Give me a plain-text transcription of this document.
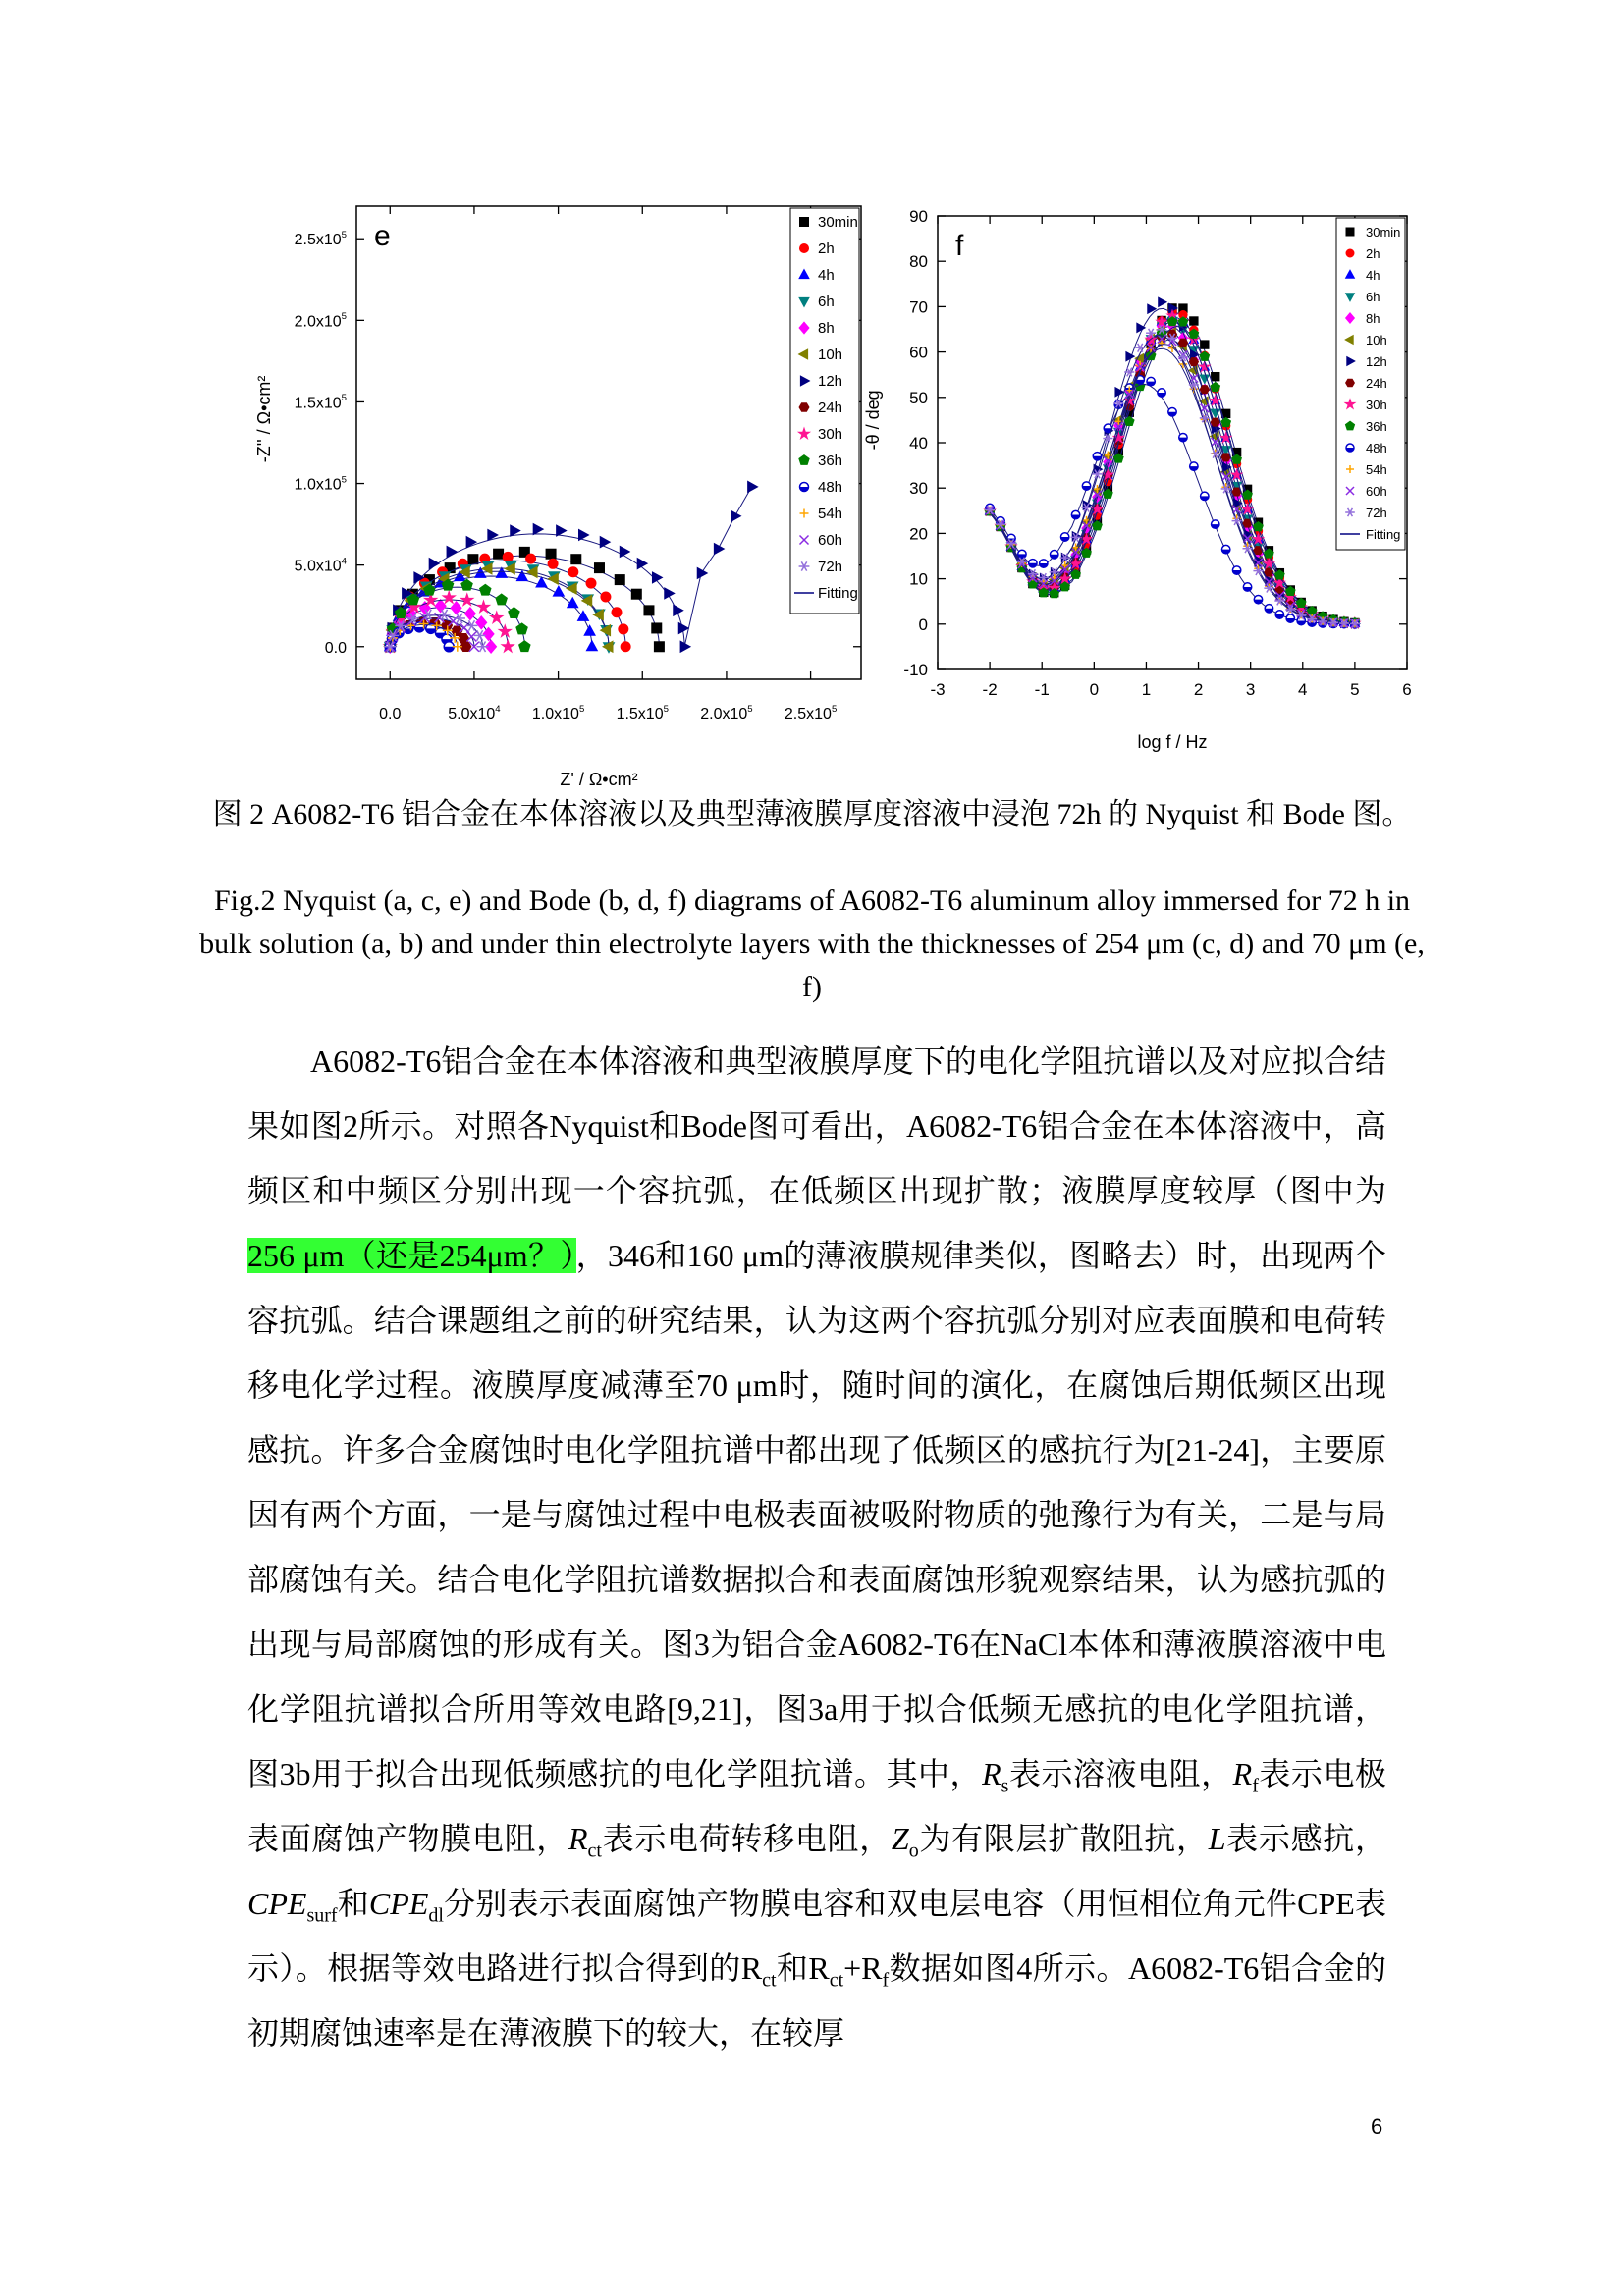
0.0	$5.0x10^4$ $1.0x10^5$ $1.5x10^5$ $2.0x10^5$ $2.5x10^5$
0.0
$5.0x10^4$
$1.0x10^5$
$1.5x10^5$
$2.0x10^5$
$2.5x10^5$
Z' / Ω•cm²
-Z'' / Ω•cm²
e	30min
2h
4h
6h
8h
10h
12h
24h
30h
36h
48h
54h
60h
72h
Fitting
-3 -2 -1 0	1	2	3	4	5	6
-10
0
10
20
30
40
50
60
70
80
90
log f / Hz
-θ / deg
f	30min
2h
4h
6h
8h
10h
12h
24h
30h
36h
48h
54h
60h
72h
Fitting
图 2 A6082-T6 铝合金在本体溶液以及典型薄液膜厚度溶液中浸泡 72h 的 Nyquist 和 Bode 图。
Fig.2 Nyquist (a, c, e) and Bode (b, d, f) diagrams of A6082-T6 aluminum alloy immersed for 72 h in bulk solution (a, b) and under thin electrolyte layers with the thicknesses of 254 μm (c, d) and 70 μm (e, f)

A6082-T6铝合金在本体溶液和典型液膜厚度下的电化学阻抗谱以及对应拟合结果如图2所示。对照各Nyquist和Bode图可看出，A6082-T6铝合金在本体溶液中，高频区和中频区分别出现一个容抗弧，在低频区出现扩散；液膜厚度较厚（图中为256 μm（还是254μm？），346和160 μm的薄液膜规律类似，图略去）时，出现两个容抗弧。结合课题组之前的研究结果，认为这两个容抗弧分别对应表面膜和电荷转移电化学过程。液膜厚度减薄至70 μm时，随时间的演化，在腐蚀后期低频区出现感抗。许多合金腐蚀时电化学阻抗谱中都出现了低频区的感抗行为[21-24]，主要原因有两个方面，一是与腐蚀过程中电极表面被吸附物质的弛豫行为有关，二是与局部腐蚀有关。结合电化学阻抗谱数据拟合和表面腐蚀形貌观察结果，认为感抗弧的出现与局部腐蚀的形成有关。图3为铝合金A6082-T6在NaCl本体和薄液膜溶液中电化学阻抗谱拟合所用等效电路[9,21]，图3a用于拟合低频无感抗的电化学阻抗谱，图3b用于拟合出现低频感抗的电化学阻抗谱。其中，$R_s$表示溶液电阻，$R_f$表示电极表面腐蚀产物膜电阻，$R_{ct}$表示电荷转移电阻，$Z_o$为有限层扩散阻抗，L表示感抗，$CPE_{surf}$和$CPE_{dl}$分别表示表面腐蚀产物膜电容和双电层电容（用恒相位角元件CPE表示）。根据等效电路进行拟合得到的$R_{ct}$和$R_{ct}+R_f$数据如图4所示。A6082-T6铝合金的初期腐蚀速率是在薄液膜下的较大，在较厚

6
